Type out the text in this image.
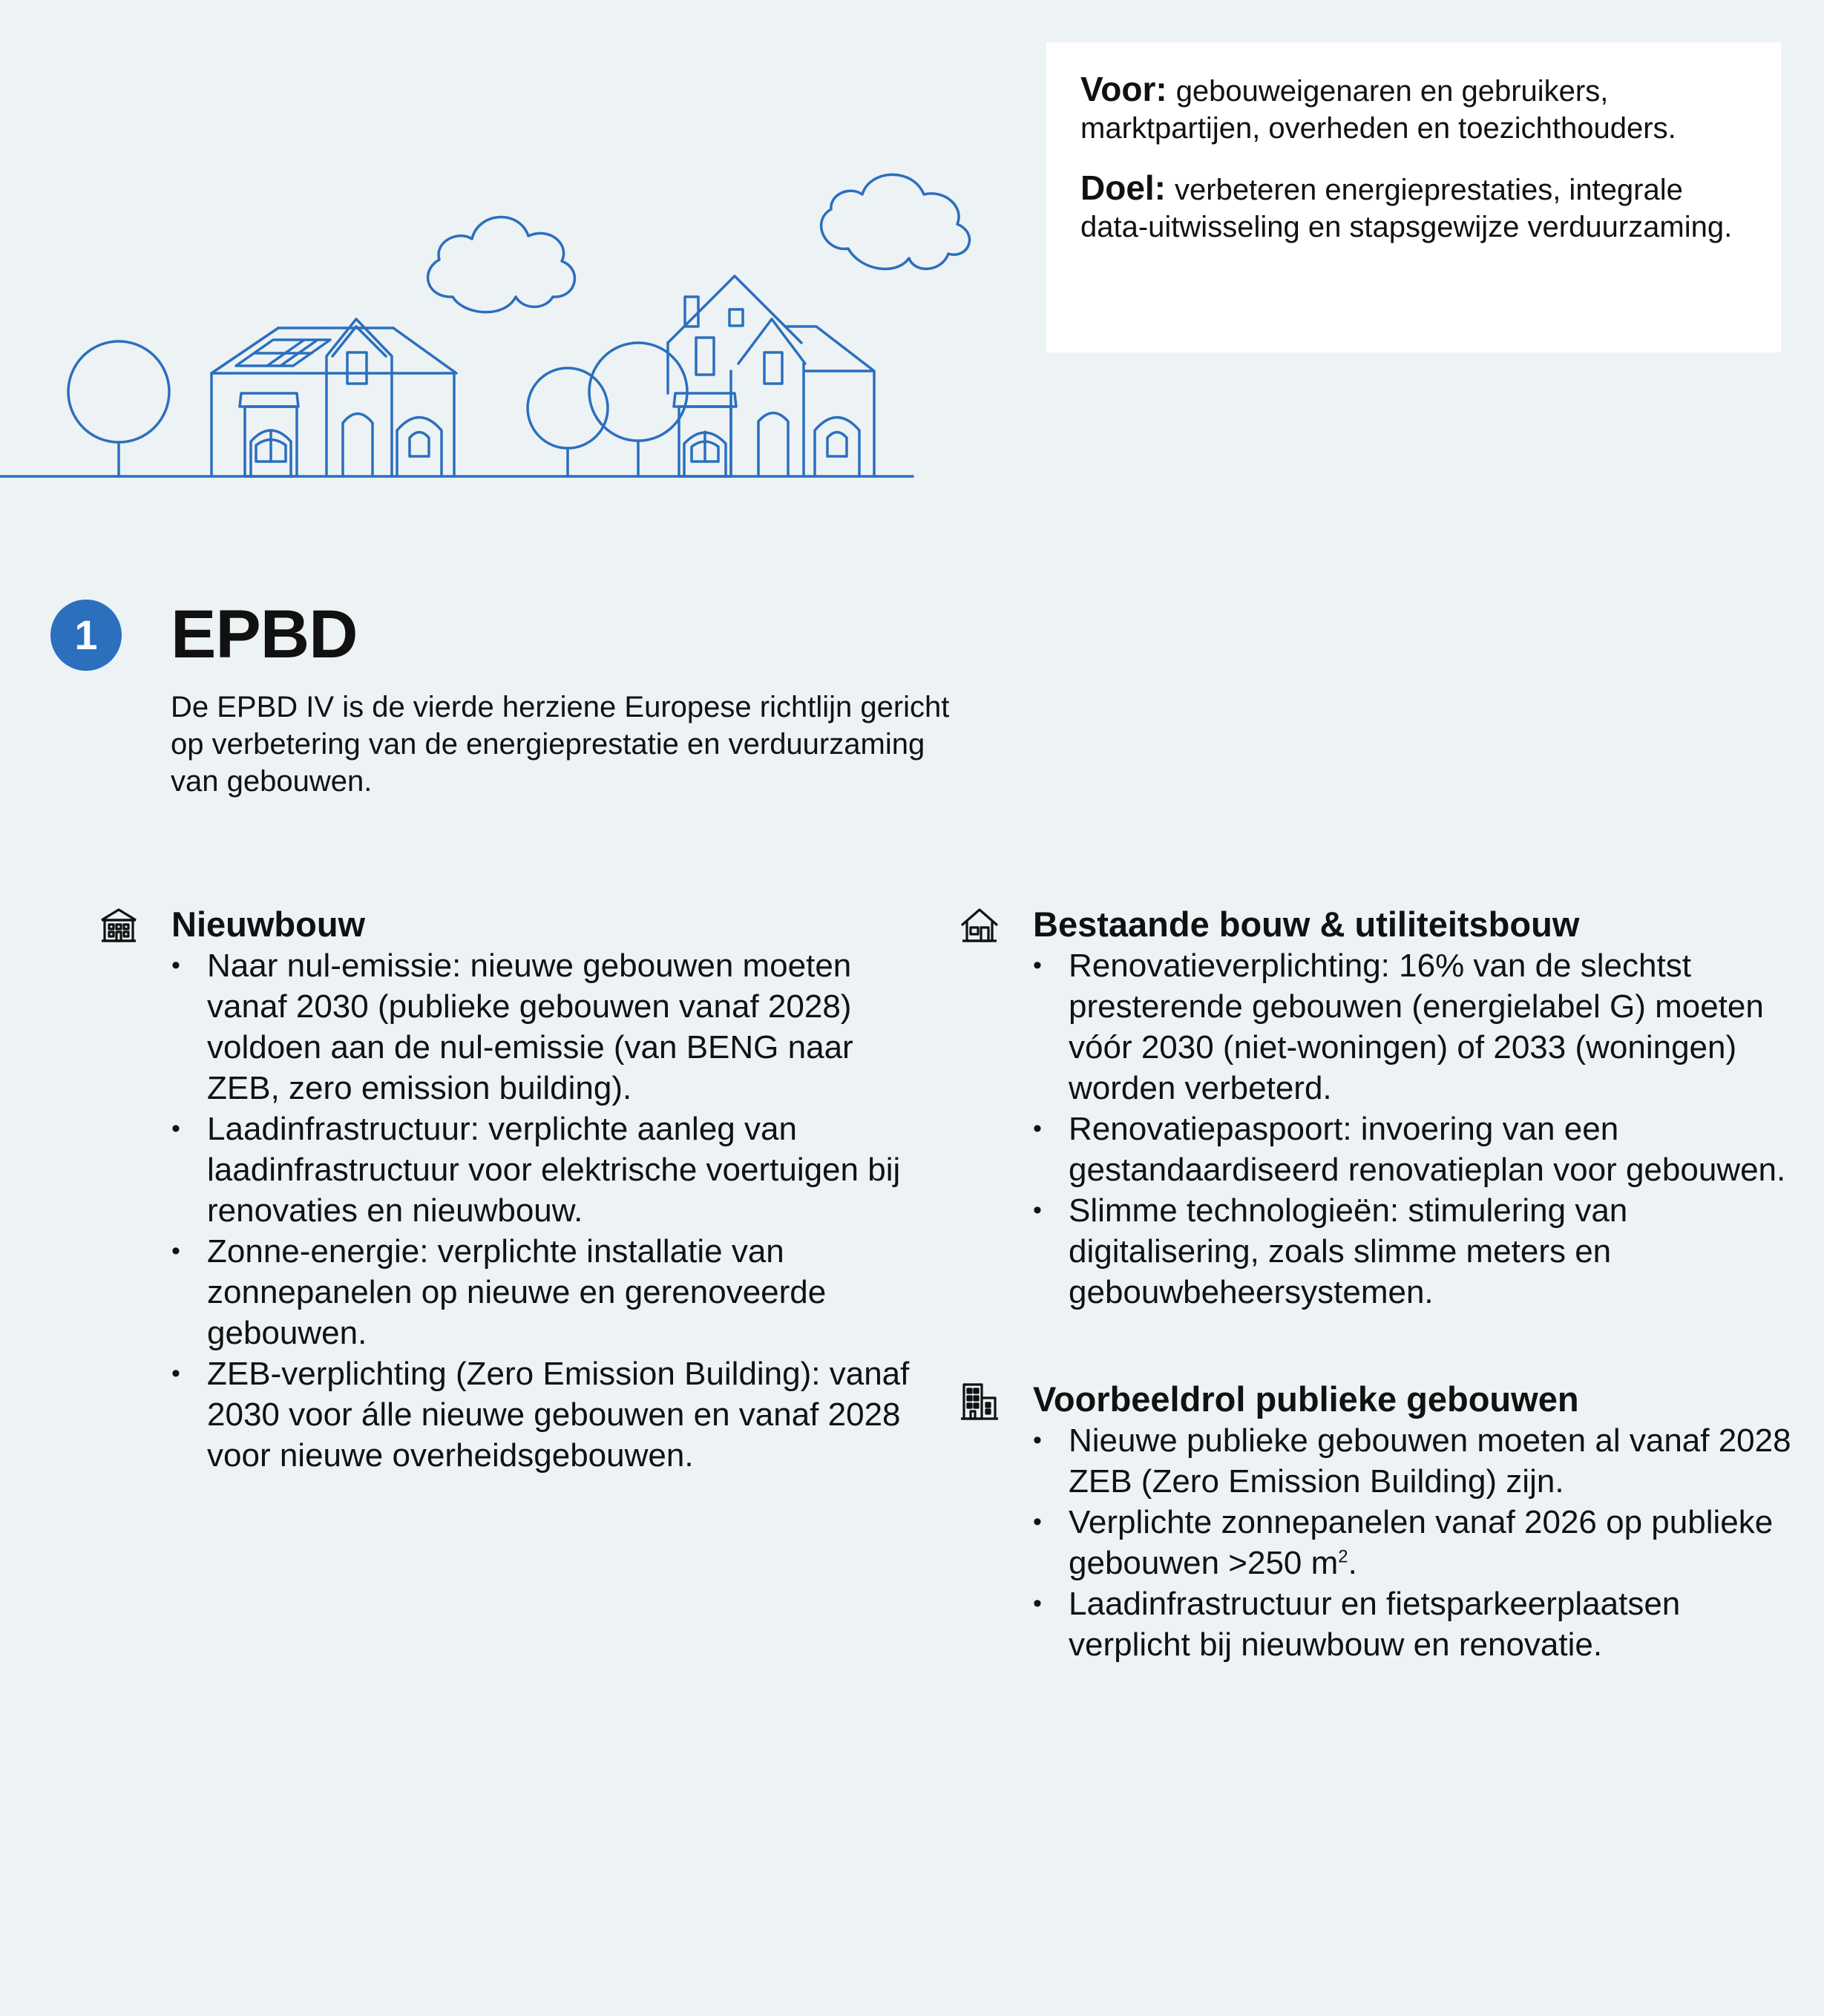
Voor: gebouweigenaren en gebruikers, marktpartijen, overheden en toezichthouders.

Doel: verbeteren energieprestaties, integrale data-uitwisseling en stapsgewijze verduurzaming.

1	EPBD

De EPBD IV is de vierde herziene Europese richtlijn gericht op verbetering van de energieprestatie en verduurzaming van gebouwen.

Nieuwbouw
• Naar nul-emissie: nieuwe gebouwen moeten vanaf 2030 (publieke gebouwen vanaf 2028) voldoen aan de nul-emissie (van BENG naar ZEB, zero emission building).
• Laadinfrastructuur: verplichte aanleg van laadinfrastructuur voor elektrische voertuigen bij renovaties en nieuwbouw.
• Zonne-energie: verplichte installatie van zonnepanelen op nieuwe en gerenoveerde gebouwen.
• ZEB-verplichting (Zero Emission Building): vanaf 2030 voor álle nieuwe gebouwen en vanaf 2028 voor nieuwe overheidsgebouwen.
Bestaande bouw & utiliteitsbouw
• Renovatieverplichting: 16% van de slechtst presterende gebouwen (energielabel G) moeten vóór 2030 (niet-woningen) of 2033 (woningen) worden verbeterd.
• Renovatiepaspoort: invoering van een gestandaardiseerd renovatieplan voor gebouwen.
• Slimme technologieën: stimulering van digitalisering, zoals slimme meters en gebouwbeheersystemen.
Voorbeeldrol publieke gebouwen
• Nieuwe publieke gebouwen moeten al vanaf 2028 ZEB (Zero Emission Building) zijn.
• Verplichte zonnepanelen vanaf 2026 op publieke gebouwen >250 $m^2$.
• Laadinfrastructuur en fietsparkeerplaatsen verplicht bij nieuwbouw en renovatie.
